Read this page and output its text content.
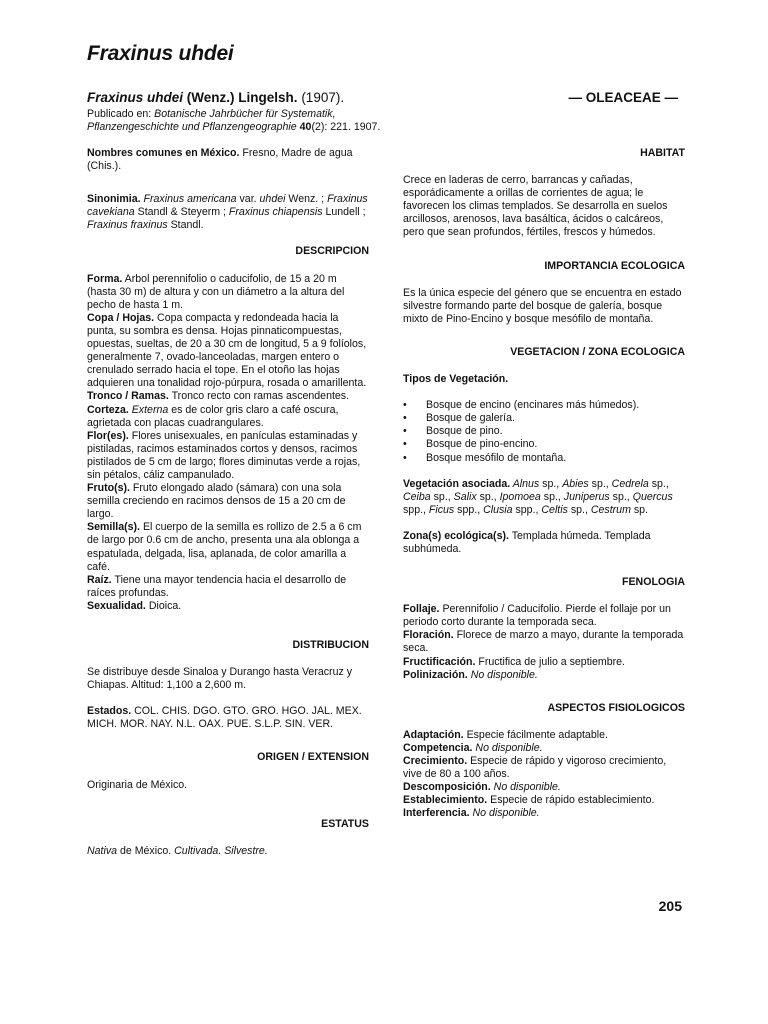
Fraxinus uhdei
Fraxinus uhdei (Wenz.) Lingelsh. (1907).	— OLEACEAE —
Publicado en: Botanische Jahrbücher für Systematik, Pflanzengeschichte und Pflanzengeographie 40(2): 221. 1907.

Nombres comunes en México. Fresno, Madre de agua (Chis.).

Sinonimia. Fraxinus americana var. uhdei Wenz. ; Fraxinus cavekiana Standl & Steyerm ; Fraxinus chiapensis Lundell ; Fraxinus fraxinus Standl.

DESCRIPCION

Forma. Arbol perennifolio o caducifolio, de 15 a 20 m (hasta 30 m) de altura y con un diámetro a la altura del pecho de hasta 1 m.

Copa / Hojas. Copa compacta y redondeada hacia la punta, su sombra es densa. Hojas pinnaticompuestas, opuestas, sueltas, de 20 a 30 cm de longitud, 5 a 9 folíolos, generalmente 7, ovado-lanceoladas, margen entero o crenulado serrado hacia el tope. En el otoño las hojas adquieren una tonalidad rojo-púrpura, rosada o amarillenta.

Tronco / Ramas. Tronco recto con ramas ascendentes.

Corteza. Externa es de color gris claro a café oscura, agrietada con placas cuadrangulares.

Flor(es). Flores unisexuales, en panículas estaminadas y pistiladas, racimos estaminados cortos y densos, racimos pistilados de 5 cm de largo; flores diminutas verde a rojas, sin pétalos, cáliz campanulado.

Fruto(s). Fruto elongado alado (sámara) con una sola semilla creciendo en racimos densos de 15 a 20 cm de largo.

Semilla(s). El cuerpo de la semilla es rollizo de 2.5 a 6 cm de largo por 0.6 cm de ancho, presenta una ala oblonga a espatulada, delgada, lisa, aplanada, de color amarilla a café.

Raíz. Tiene una mayor tendencia hacia el desarrollo de raíces profundas.

Sexualidad. Dioica.

DISTRIBUCION

Se distribuye desde Sinaloa y Durango hasta Veracruz y Chiapas. Altitud: 1,100 a 2,600 m.

Estados. COL. CHIS. DGO. GTO. GRO. HGO. JAL. MEX. MICH. MOR. NAY. N.L. OAX. PUE. S.L.P. SIN. VER.

ORIGEN / EXTENSION

Originaria de México.

ESTATUS

Nativa de México. Cultivada. Silvestre.

HABITAT

Crece en laderas de cerro, barrancas y cañadas, esporádicamente a orillas de corrientes de agua; le favorecen los climas templados. Se desarrolla en suelos arcillosos, arenosos, lava basáltica, ácidos o calcáreos, pero que sean profundos, fértiles, frescos y húmedos.

IMPORTANCIA ECOLOGICA

Es la única especie del género que se encuentra en estado silvestre formando parte del bosque de galería, bosque mixto de Pino-Encino y bosque mesófilo de montaña.

VEGETACION / ZONA ECOLOGICA

Tipos de Vegetación.

• Bosque de encino (encinares más húmedos).
• Bosque de galería.
• Bosque de pino.
• Bosque de pino-encino.
• Bosque mesófilo de montaña.

Vegetación asociada. Alnus sp., Abies sp., Cedrela sp., Ceiba sp., Salix sp., Ipomoea sp., Juniperus sp., Quercus spp., Ficus spp., Clusia spp., Celtis sp., Cestrum sp.

Zona(s) ecológica(s). Templada húmeda. Templada subhúmeda.

FENOLOGIA

Follaje. Perennifolio / Caducifolio. Pierde el follaje por un periodo corto durante la temporada seca.

Floración. Florece de marzo a mayo, durante la temporada seca.

Fructificación. Fructifica de julio a septiembre.

Polinización. No disponible.

ASPECTOS FISIOLOGICOS

Adaptación. Especie fácilmente adaptable.

Competencia. No disponible.

Crecimiento. Especie de rápido y vigoroso crecimiento, vive de 80 a 100 años.

Descomposición. No disponible.

Establecimiento. Especie de rápido establecimiento.

Interferencia. No disponible.

205
